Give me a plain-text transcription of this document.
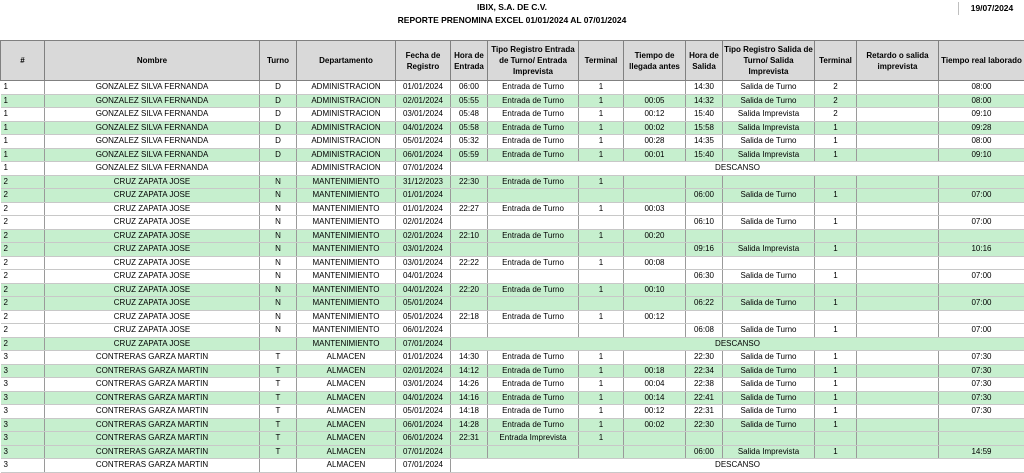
IBIX, S.A. DE C.V.
REPORTE PRENOMINA EXCEL 01/01/2024 AL 07/01/2024
19/07/2024
#	Nombre	Turno	Departamento	Fecha de Registro	Hora de Entrada	Tipo Registro Entrada de Turno/ Entrada Imprevista	Terminal	Tiempo de llegada antes	Hora de Salida	Tipo Registro Salida de Turno/ Salida Imprevista	Terminal	Retardo o salida imprevista	Tiempo real laborado
1	GONZALEZ SILVA FERNANDA	D	ADMINISTRACION	01/01/2024	06:00	Entrada de Turno	1		14:30	Salida de Turno	2		08:00
1	GONZALEZ SILVA FERNANDA	D	ADMINISTRACION	02/01/2024	05:55	Entrada de Turno	1	00:05	14:32	Salida de Turno	2		08:00
1	GONZALEZ SILVA FERNANDA	D	ADMINISTRACION	03/01/2024	05:48	Entrada de Turno	1	00:12	15:40	Salida Imprevista	2		09:10
1	GONZALEZ SILVA FERNANDA	D	ADMINISTRACION	04/01/2024	05:58	Entrada de Turno	1	00:02	15:58	Salida Imprevista	1		09:28
1	GONZALEZ SILVA FERNANDA	D	ADMINISTRACION	05/01/2024	05:32	Entrada de Turno	1	00:28	14:35	Salida de Turno	1		08:00
1	GONZALEZ SILVA FERNANDA	D	ADMINISTRACION	06/01/2024	05:59	Entrada de Turno	1	00:01	15:40	Salida Imprevista	1		09:10
1	GONZALEZ SILVA FERNANDA		ADMINISTRACION	07/01/2024	DESCANSO								
2	CRUZ ZAPATA JOSE	N	MANTENIMIENTO	31/12/2023	22:30	Entrada de Turno	1						
2	CRUZ ZAPATA JOSE	N	MANTENIMIENTO	01/01/2024					06:00	Salida de Turno	1		07:00
2	CRUZ ZAPATA JOSE	N	MANTENIMIENTO	01/01/2024	22:27	Entrada de Turno	1	00:03					
2	CRUZ ZAPATA JOSE	N	MANTENIMIENTO	02/01/2024					06:10	Salida de Turno	1		07:00
2	CRUZ ZAPATA JOSE	N	MANTENIMIENTO	02/01/2024	22:10	Entrada de Turno	1	00:20					
2	CRUZ ZAPATA JOSE	N	MANTENIMIENTO	03/01/2024					09:16	Salida Imprevista	1		10:16
2	CRUZ ZAPATA JOSE	N	MANTENIMIENTO	03/01/2024	22:22	Entrada de Turno	1	00:08					
2	CRUZ ZAPATA JOSE	N	MANTENIMIENTO	04/01/2024					06:30	Salida de Turno	1		07:00
2	CRUZ ZAPATA JOSE	N	MANTENIMIENTO	04/01/2024	22:20	Entrada de Turno	1	00:10					
2	CRUZ ZAPATA JOSE	N	MANTENIMIENTO	05/01/2024					06:22	Salida de Turno	1		07:00
2	CRUZ ZAPATA JOSE	N	MANTENIMIENTO	05/01/2024	22:18	Entrada de Turno	1	00:12					
2	CRUZ ZAPATA JOSE	N	MANTENIMIENTO	06/01/2024					06:08	Salida de Turno	1		07:00
2	CRUZ ZAPATA JOSE		MANTENIMIENTO	07/01/2024	DESCANSO								
3	CONTRERAS GARZA MARTIN	T	ALMACEN	01/01/2024	14:30	Entrada de Turno	1		22:30	Salida de Turno	1		07:30
3	CONTRERAS GARZA MARTIN	T	ALMACEN	02/01/2024	14:12	Entrada de Turno	1	00:18	22:34	Salida de Turno	1		07:30
3	CONTRERAS GARZA MARTIN	T	ALMACEN	03/01/2024	14:26	Entrada de Turno	1	00:04	22:38	Salida de Turno	1		07:30
3	CONTRERAS GARZA MARTIN	T	ALMACEN	04/01/2024	14:16	Entrada de Turno	1	00:14	22:41	Salida de Turno	1		07:30
3	CONTRERAS GARZA MARTIN	T	ALMACEN	05/01/2024	14:18	Entrada de Turno	1	00:12	22:31	Salida de Turno	1		07:30
3	CONTRERAS GARZA MARTIN	T	ALMACEN	06/01/2024	14:28	Entrada de Turno	1	00:02	22:30	Salida de Turno	1		
3	CONTRERAS GARZA MARTIN	T	ALMACEN	06/01/2024	22:31	Entrada Imprevista	1						
3	CONTRERAS GARZA MARTIN	T	ALMACEN	07/01/2024					06:00	Salida Imprevista	1		14:59
3	CONTRERAS GARZA MARTIN		ALMACEN	07/01/2024	DESCANSO								
